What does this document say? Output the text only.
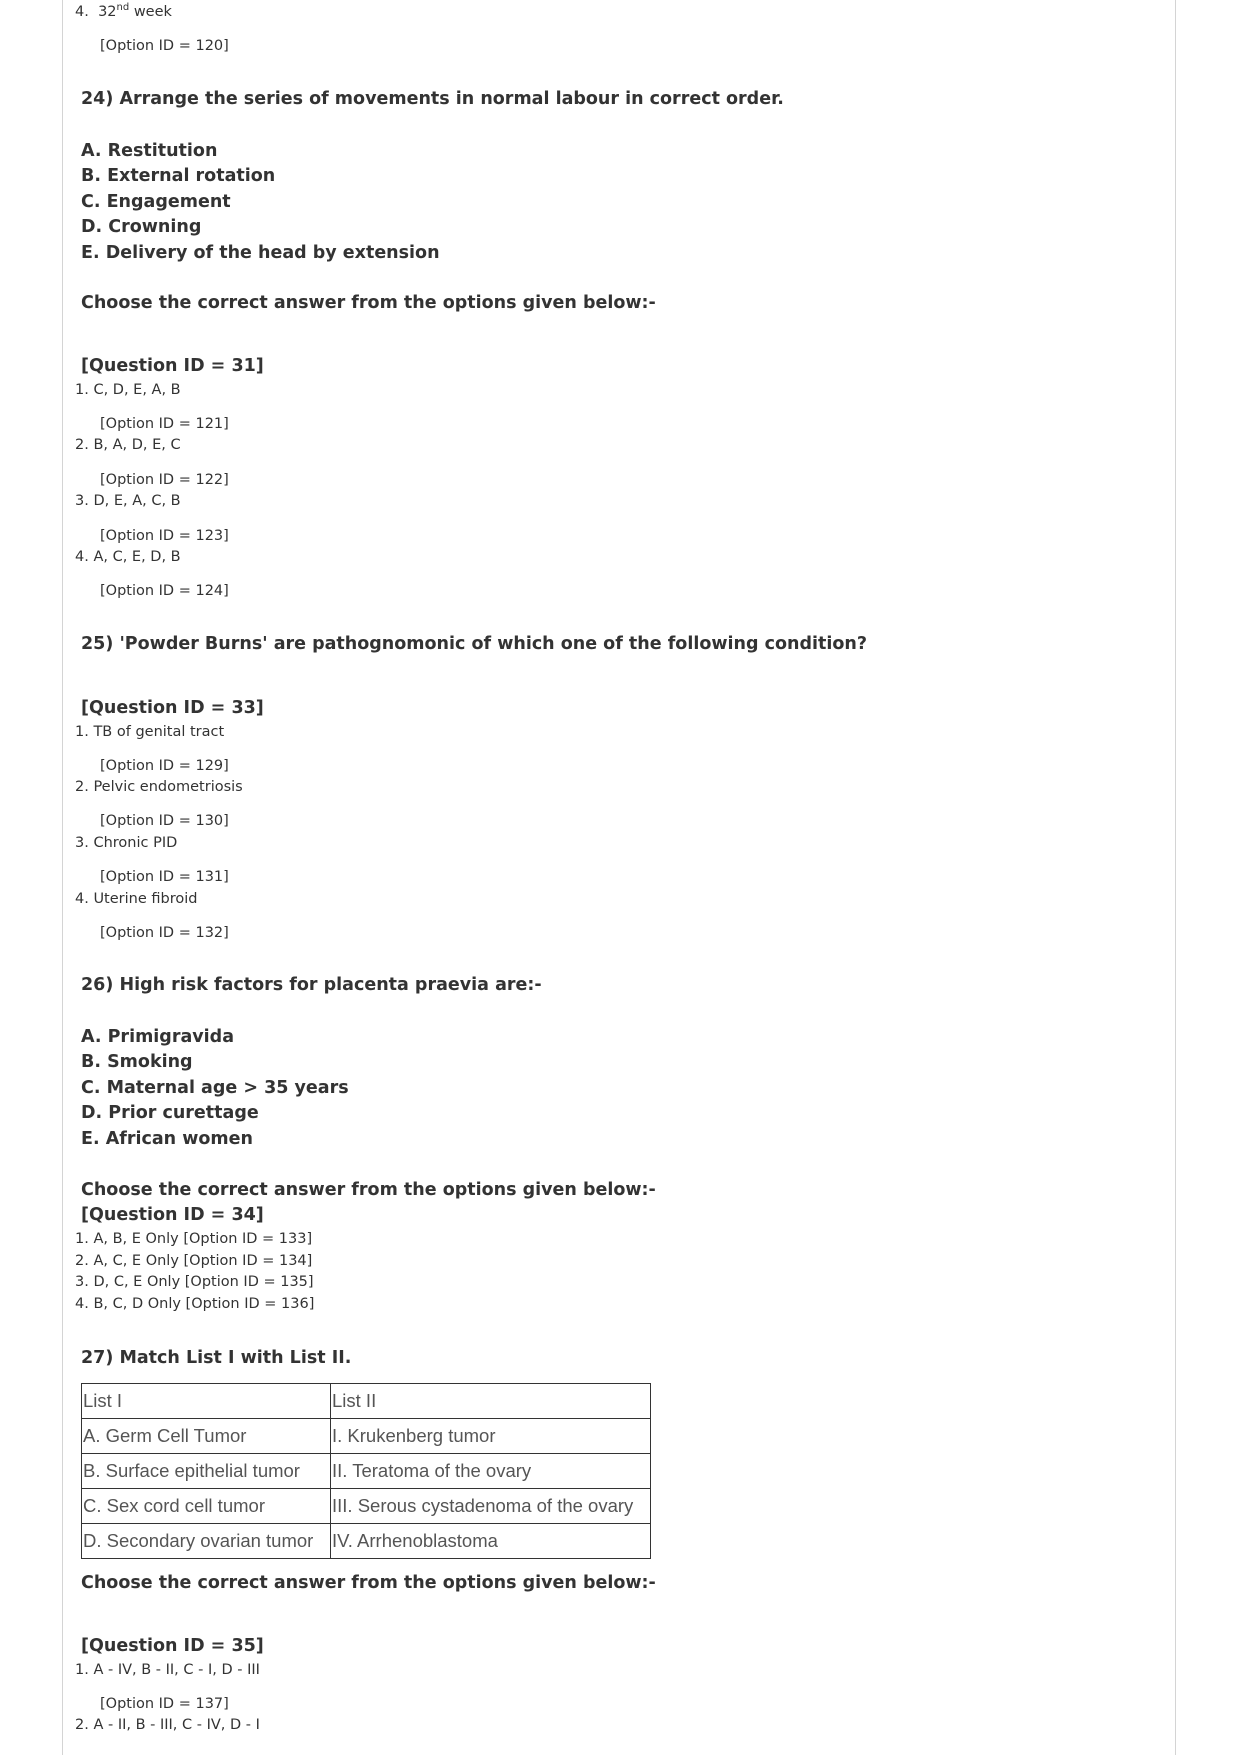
4. 32nd week
[Option ID = 120]
24) Arrange the series of movements in normal labour in correct order.
A. Restitution
B. External rotation
C. Engagement
D. Crowning
E. Delivery of the head by extension
Choose the correct answer from the options given below:-
[Question ID = 31]
1. C, D, E, A, B
[Option ID = 121]
2. B, A, D, E, C
[Option ID = 122]
3. D, E, A, C, B
[Option ID = 123]
4. A, C, E, D, B
[Option ID = 124]
25) 'Powder Burns' are pathognomonic of which one of the following condition?
[Question ID = 33]
1. TB of genital tract
[Option ID = 129]
2. Pelvic endometriosis
[Option ID = 130]
3. Chronic PID
[Option ID = 131]
4. Uterine fibroid
[Option ID = 132]
26) High risk factors for placenta praevia are:-
A. Primigravida
B. Smoking
C. Maternal age > 35 years
D. Prior curettage
E. African women
Choose the correct answer from the options given below:-
[Question ID = 34]
1. A, B, E Only [Option ID = 133]
2. A, C, E Only [Option ID = 134]
3. D, C, E Only [Option ID = 135]
4. B, C, D Only [Option ID = 136]
27) Match List I with List II.
List I	List II
A. Germ Cell Tumor	I. Krukenberg tumor
B. Surface epithelial tumor	II. Teratoma of the ovary
C. Sex cord cell tumor	III. Serous cystadenoma of the ovary
D. Secondary ovarian tumor	IV. Arrhenoblastoma
Choose the correct answer from the options given below:-
[Question ID = 35]
1. A - IV, B - II, C - I, D - III
[Option ID = 137]
2. A - II, B - III, C - IV, D - I
